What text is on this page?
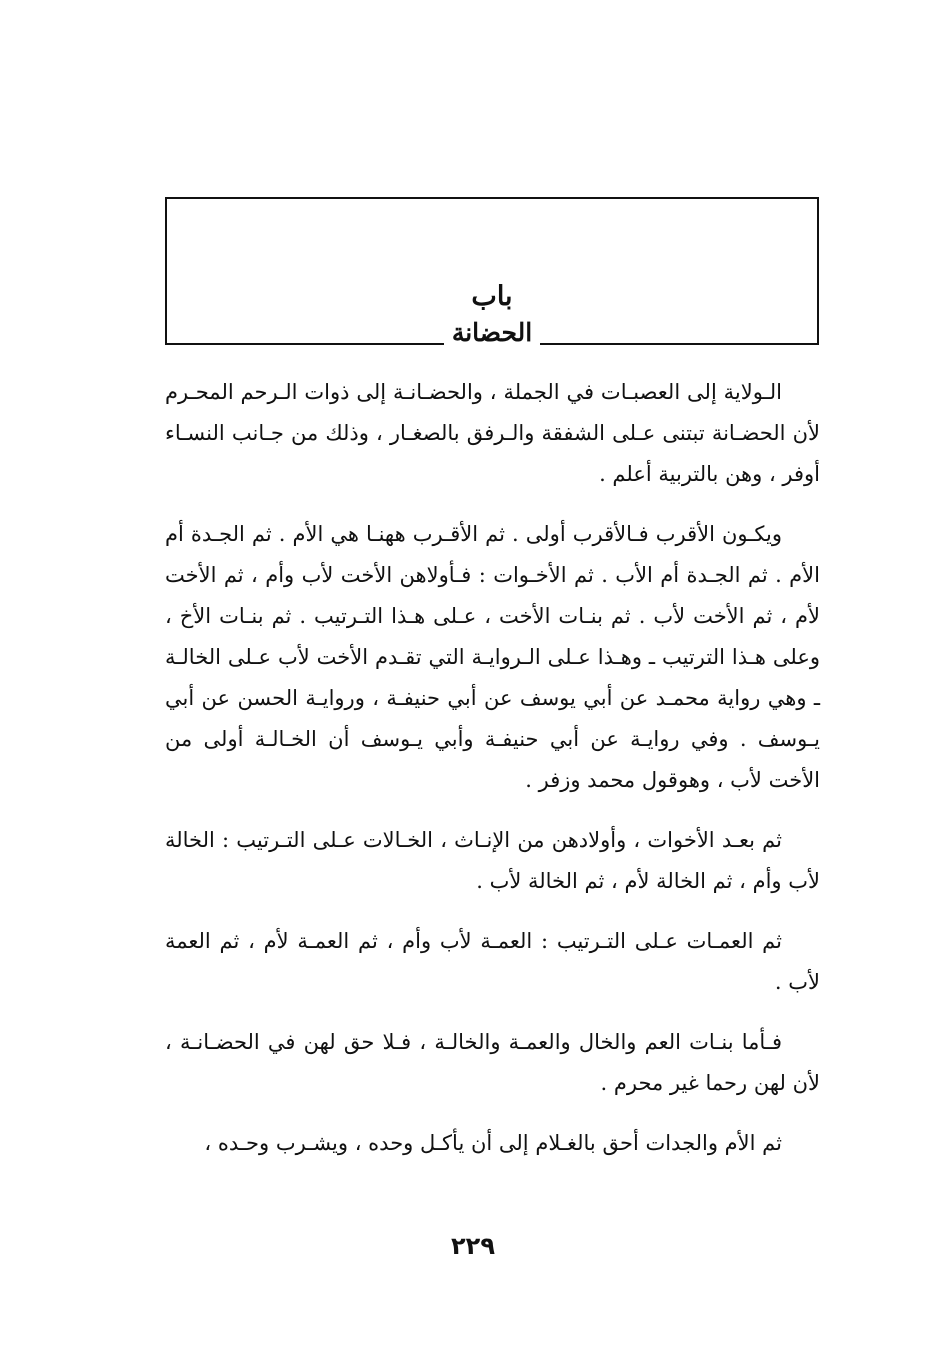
باب
الحضانة

الـولاية إلى العصبـات في الجملة ، والحضـانـة إلى ذوات الـرحم المحـرم لأن الحضـانة تبتنى عـلى الشفقة والـرفق بالصغـار ، وذلك من جـانب النسـاء أوفر ، وهن بالتربية أعلم .

ويكـون الأقرب فـالأقرب أولى . ثم الأقـرب ههنـا هي الأم . ثم الجـدة أم الأم . ثم الجـدة أم الأب . ثم الأخـوات : فـأولاهن الأخت لأب وأم ، ثم الأخت لأم ، ثم الأخت لأب . ثم بنـات الأخت ، عـلى هـذا التـرتيب . ثم بنـات الأخ ، وعلى هـذا الترتيب ـ وهـذا عـلى الـروايـة التي تقـدم الأخت لأب عـلى الخالـة ـ وهي رواية محمـد عن أبي يوسف عن أبي حنيفـة ، وروايـة الحسن عن أبي يـوسف . وفي روايـة عن أبي حنيفـة وأبي يـوسف أن الخـالـة أولى من الأخت لأب ، وهوقول محمد وزفر .

ثم بعـد الأخوات ، وأولادهن من الإنـاث ، الخـالات عـلى التـرتيب : الخالة لأب وأم ، ثم الخالة لأم ، ثم الخالة لأب .

ثم العمـات عـلى التـرتيب : العمـة لأب وأم ، ثم العمـة لأم ، ثم العمة لأب .

فـأما بنـات العم والخال والعمـة والخالـة ، فـلا حق لهن في الحضـانـة ، لأن لهن رحما غير محرم .

ثم الأم والجدات أحق بالغـلام إلى أن يأكـل وحده ، ويشـرب وحـده ،

٢٢٩
